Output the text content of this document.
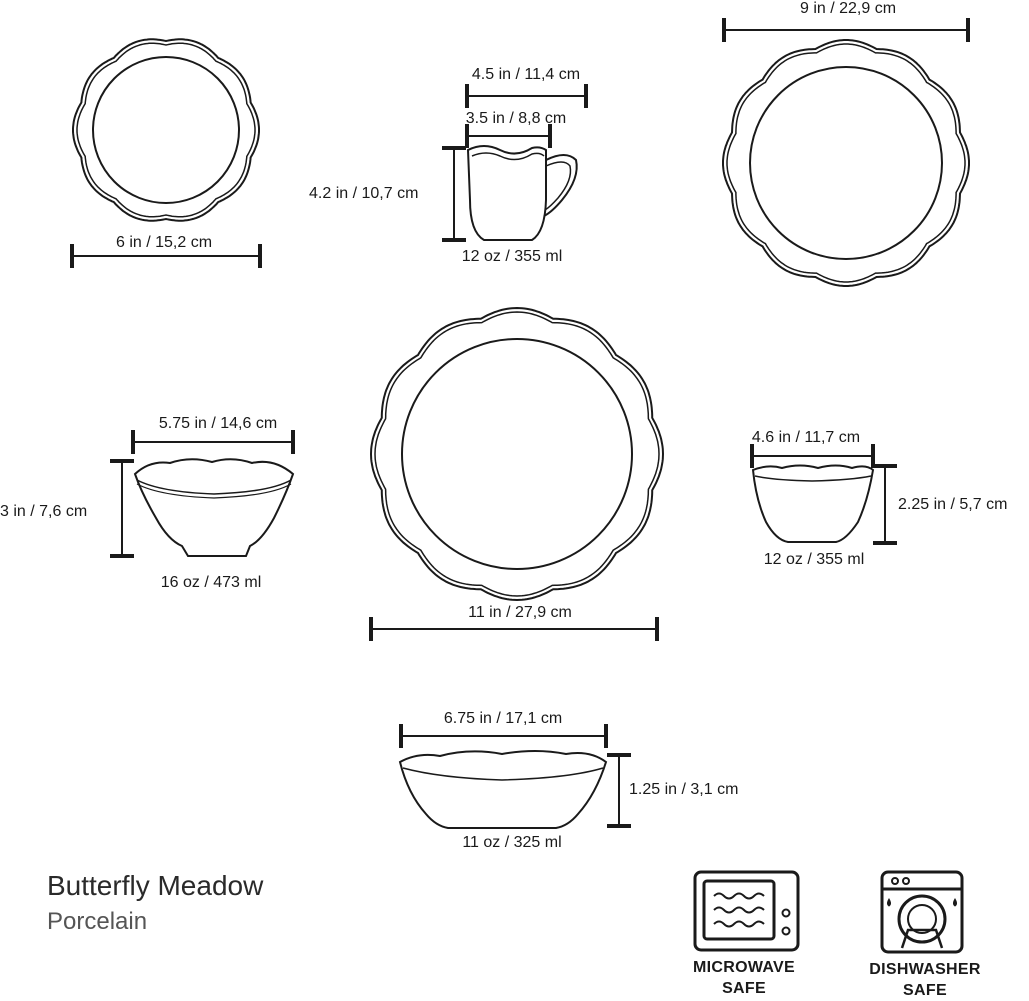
6 in / 15,2 cm
9 in / 22,9 cm
4.5 in / 11,4 cm
3.5 in / 8,8 cm
4.2 in / 10,7 cm
12 oz / 355 ml
5.75 in / 14,6 cm
3 in / 7,6 cm
16 oz / 473 ml
11 in / 27,9 cm
4.6 in / 11,7 cm
2.25 in / 5,7 cm
12 oz / 355 ml
6.75 in / 17,1 cm
1.25 in / 3,1 cm
11 oz / 325 ml
Butterfly Meadow
Porcelain
MICROWAVE
SAFE
DISHWASHER
SAFE
